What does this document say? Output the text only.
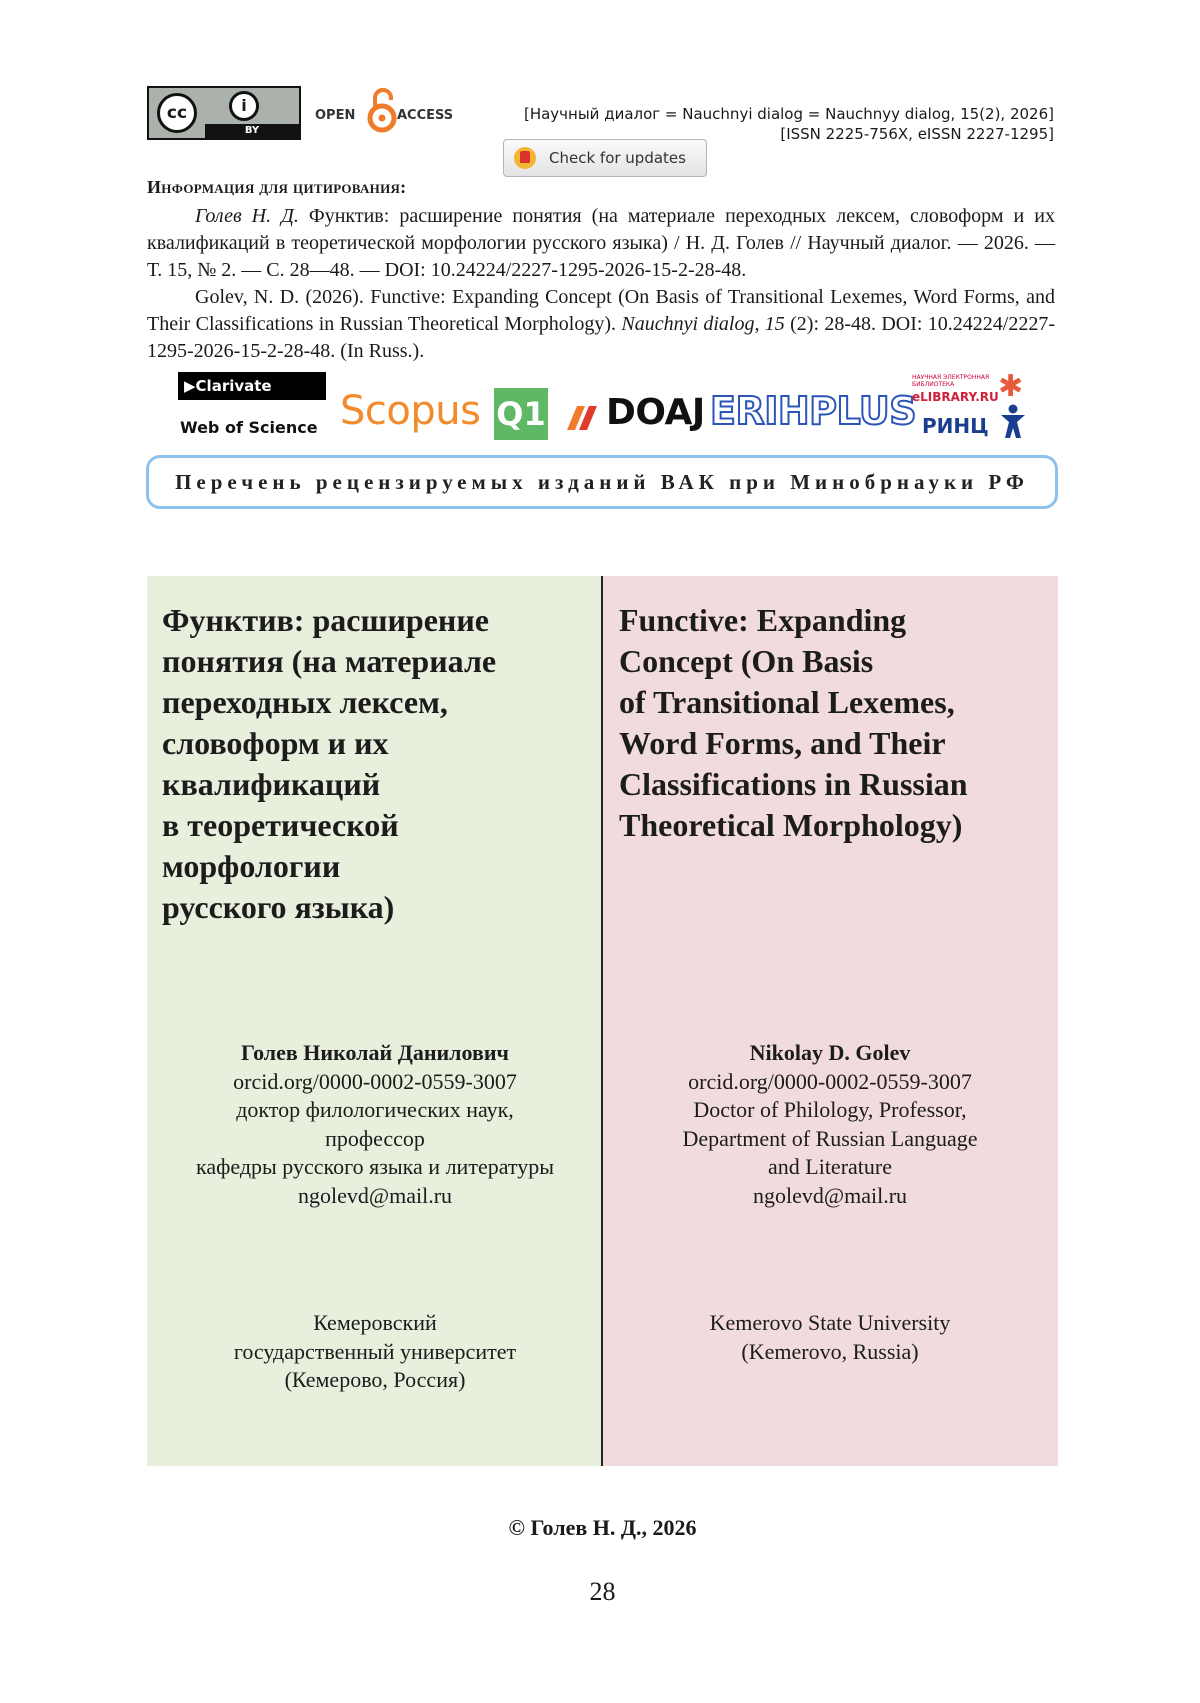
cc	i
BY
OPEN	ACCESS	[Научный диалог = Nauchnyi dialog = Nauchnyy dialog, 15(2), 2026]
[ISSN 2225-756X, eISSN 2227-1295]
Check for updates
Информация для цитирования:
Голев Н. Д. Функтив: расширение понятия (на материале переходных лексем, словоформ и их квалификаций в теоретической морфологии русского языка) / Н. Д. Голев // Научный диалог. — 2026. — Т. 15, № 2. — С. 28—48. — DOI: 10.24224/2227-1295-2026-15-2-28-48.
Golev, N. D. (2026). Functive: Expanding Concept (On Basis of Transitional Lexemes, Word Forms, and Their Classifications in Russian Theoretical Morphology). Nauchnyi dialog, 15 (2): 28-48. DOI: 10.24224/2227-1295-2026-15-2-28-48. (In Russ.).
▶Clarivate
Web of Science Scopus Q1 DOAJ ERIHPLUS
НАУЧНАЯ ЭЛЕКТРОННАЯ БИБЛИОТЕКА
eLIBRARY.RU
РИНЦ
✱
Перечень рецензируемых изданий ВАК при Минобрнауки РФ
Функтив: расширение
понятия (на материале
переходных лексем,
словоформ и их
квалификаций
в теоретической
морфологии
русского языка)
Functive: Expanding
Concept (On Basis
of Transitional Lexemes,
Word Forms, and Their
Classifications in Russian
Theoretical Morphology)
Голев Николай Данилович
orcid.org/0000-0002-0559-3007
доктор филологических наук,
профессор
кафедры русского языка и литературы
ngolevd@mail.ru
Nikolay D. Golev
orcid.org/0000-0002-0559-3007
Doctor of Philology, Professor,
Department of Russian Language
and Literature
ngolevd@mail.ru
Кемеровский
государственный университет
(Кемерово, Россия)
Kemerovo State University
(Kemerovo, Russia)
© Голев Н. Д., 2026
28
